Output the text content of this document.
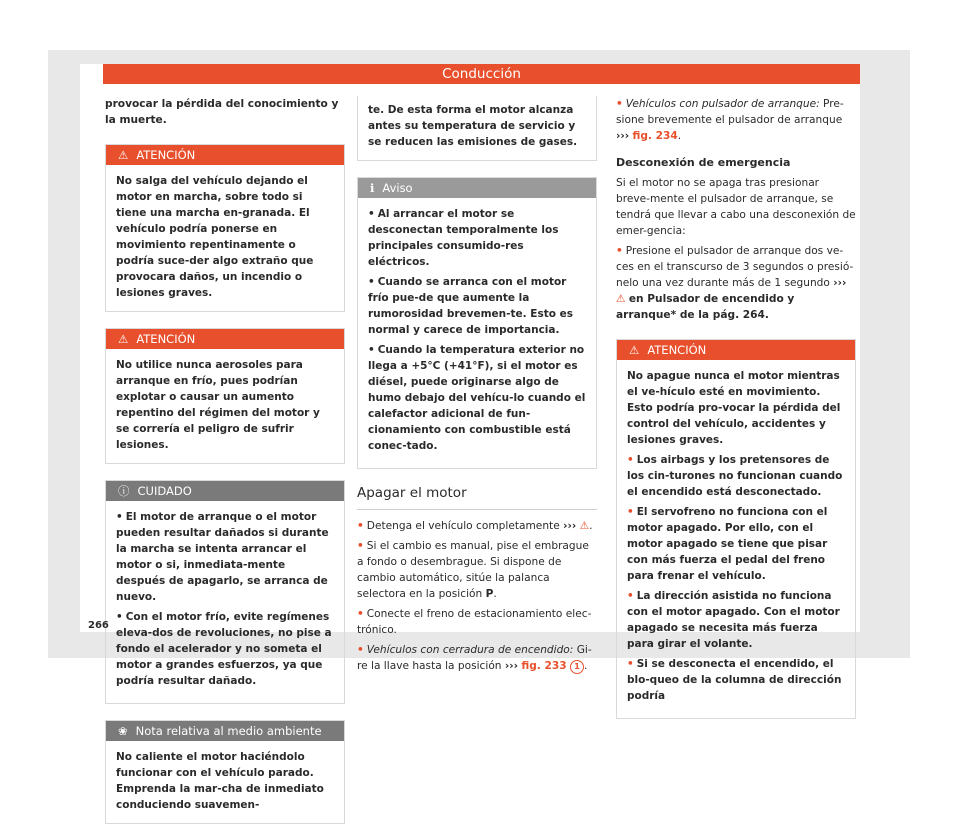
Conducción

provocar la pérdida del conocimiento y la muerte.

⚠ ATENCIÓN
No salga del vehículo dejando el motor en marcha, sobre todo si tiene una marcha en-granada. El vehículo podría ponerse en movimiento repentinamente o podría suce-der algo extraño que provocara daños, un incendio o lesiones graves.
⚠ ATENCIÓN
No utilice nunca aerosoles para arranque en frío, pues podrían explotar o causar un aumento repentino del régimen del motor y se correría el peligro de sufrir lesiones.
ⓘ CUIDADO
• El motor de arranque o el motor pueden resultar dañados si durante la marcha se intenta arrancar el motor o si, inmediata-mente después de apagarlo, se arranca de nuevo.
• Con el motor frío, evite regímenes eleva-dos de revoluciones, no pise a fondo el acelerador y no someta el motor a grandes esfuerzos, ya que podría resultar dañado.
❀ Nota relativa al medio ambiente
No caliente el motor haciéndolo funcionar con el vehículo parado. Emprenda la mar-cha de inmediato conduciendo suavemen-
te. De esta forma el motor alcanza antes su temperatura de servicio y se reducen las emisiones de gases.
ℹ Aviso
• Al arrancar el motor se desconectan temporalmente los principales consumido-res eléctricos.
• Cuando se arranca con el motor frío pue-de que aumente la rumorosidad brevemen-te. Esto es normal y carece de importancia.
• Cuando la temperatura exterior no llega a +5°C (+41°F), si el motor es diésel, puede originarse algo de humo debajo del vehícu-lo cuando el calefactor adicional de fun-cionamiento con combustible está conec-tado.
Apagar el motor
• Detenga el vehículo completamente ››› ⚠.
• Si el cambio es manual, pise el embrague a fondo o desembrague. Si dispone de cambio automático, sitúe la palanca selectora en la posición P.
• Conecte el freno de estacionamiento elec-trónico.
• Vehículos con cerradura de encendido: Gi-re la llave hasta la posición ››› fig. 233 1 .
• Vehículos con pulsador de arranque: Pre-sione brevemente el pulsador de arranque ››› fig. 234.
Desconexión de emergencia

Si el motor no se apaga tras presionar breve-mente el pulsador de arranque, se tendrá que llevar a cabo una desconexión de emer-gencia:

• Presione el pulsador de arranque dos ve-ces en el transcurso de 3 segundos o presió-nelo una vez durante más de 1 segundo ››› ⚠ en Pulsador de encendido y arranque* de la pág. 264.
⚠ ATENCIÓN
No apague nunca el motor mientras el ve-hículo esté en movimiento. Esto podría pro-vocar la pérdida del control del vehículo, accidentes y lesiones graves.
• Los airbags y los pretensores de los cin-turones no funcionan cuando el encendido está desconectado.
• El servofreno no funciona con el motor apagado. Por ello, con el motor apagado se tiene que pisar con más fuerza el pedal del freno para frenar el vehículo.
• La dirección asistida no funciona con el motor apagado. Con el motor apagado se necesita más fuerza para girar el volante.
• Si se desconecta el encendido, el blo-queo de la columna de dirección podría
266
